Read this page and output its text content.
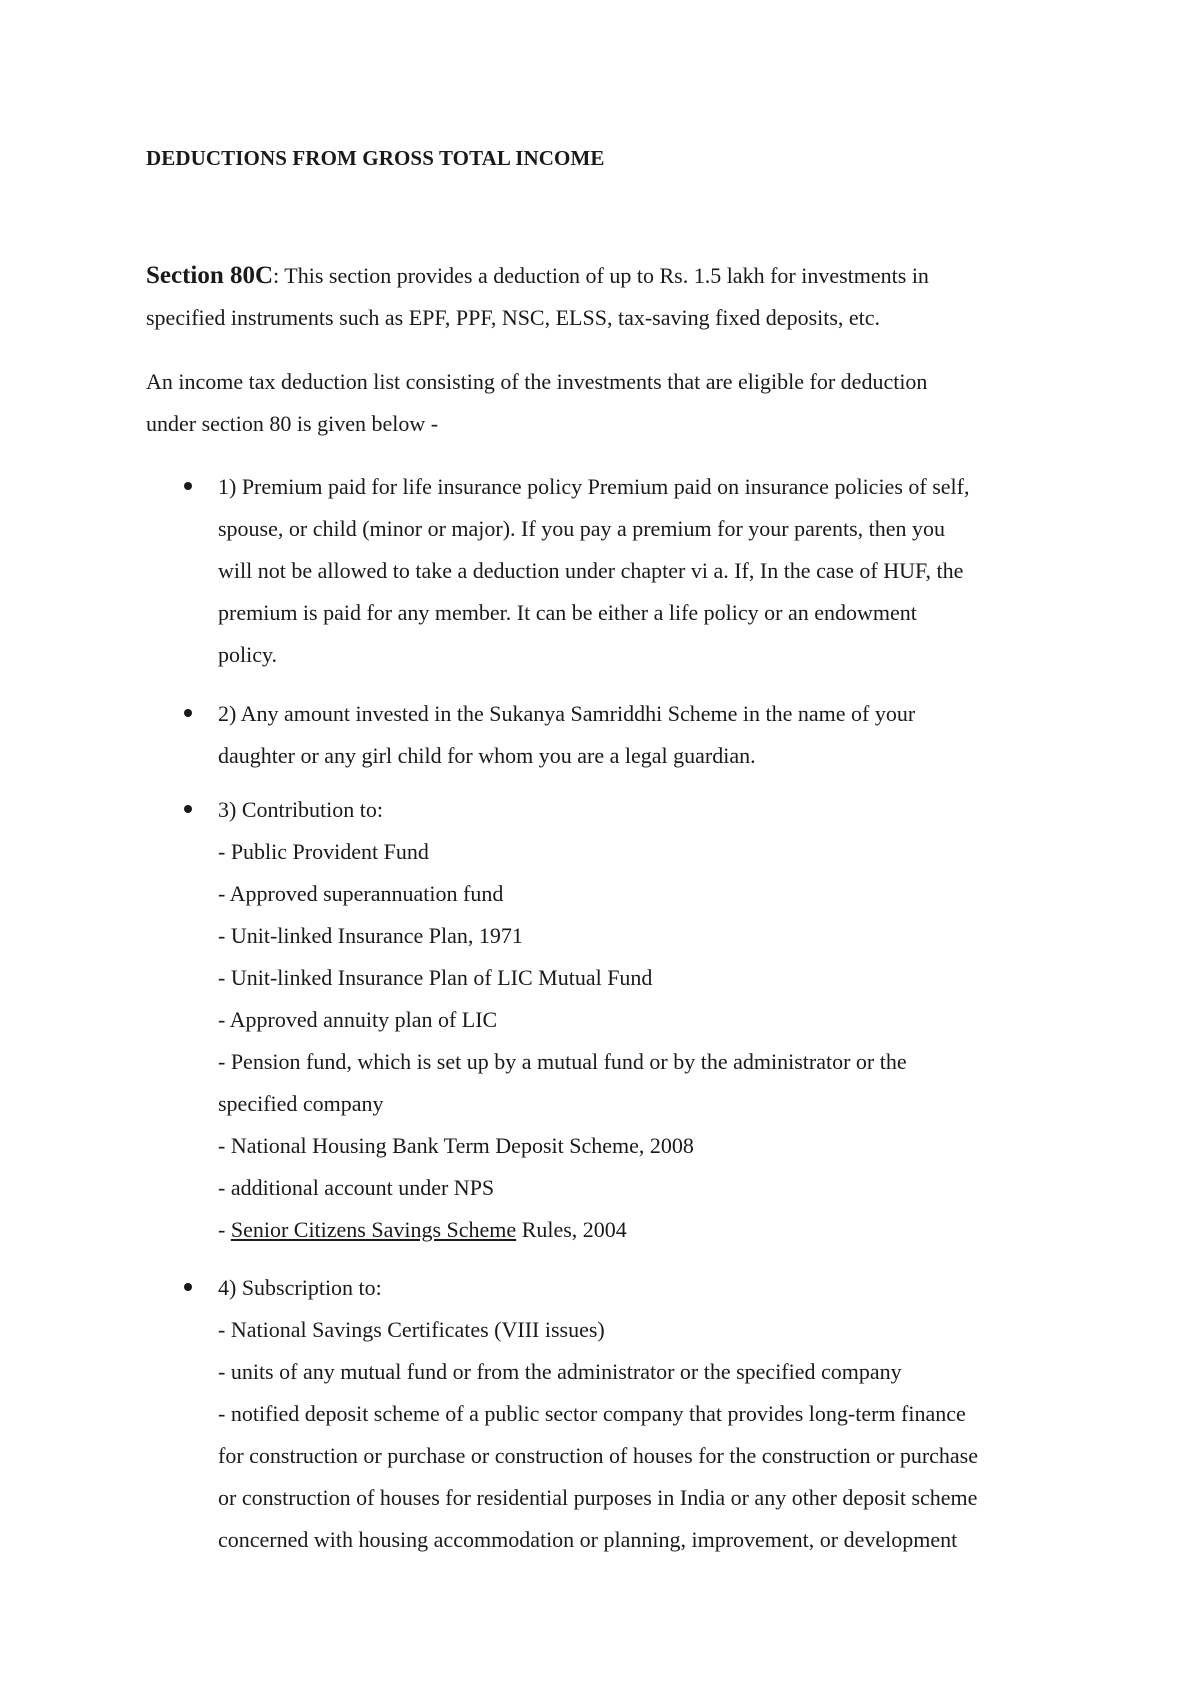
DEDUCTIONS FROM GROSS TOTAL INCOME

Section 80C: This section provides a deduction of up to Rs. 1.5 lakh for investments in
specified instruments such as EPF, PPF, NSC, ELSS, tax-saving fixed deposits, etc.

An income tax deduction list consisting of the investments that are eligible for deduction
under section 80 is given below -

1) Premium paid for life insurance policy Premium paid on insurance policies of self,
spouse, or child (minor or major). If you pay a premium for your parents, then you
will not be allowed to take a deduction under chapter vi a. If, In the case of HUF, the
premium is paid for any member. It can be either a life policy or an endowment
policy.
2) Any amount invested in the Sukanya Samriddhi Scheme in the name of your
daughter or any girl child for whom you are a legal guardian.
3) Contribution to:
- Public Provident Fund
- Approved superannuation fund
- Unit-linked Insurance Plan, 1971
- Unit-linked Insurance Plan of LIC Mutual Fund
- Approved annuity plan of LIC
- Pension fund, which is set up by a mutual fund or by the administrator or the
specified company
- National Housing Bank Term Deposit Scheme, 2008
- additional account under NPS
- Senior Citizens Savings Scheme Rules, 2004
4) Subscription to:
- National Savings Certificates (VIII issues)
- units of any mutual fund or from the administrator or the specified company
- notified deposit scheme of a public sector company that provides long-term finance
for construction or purchase or construction of houses for the construction or purchase
or construction of houses for residential purposes in India or any other deposit scheme
concerned with housing accommodation or planning, improvement, or development
